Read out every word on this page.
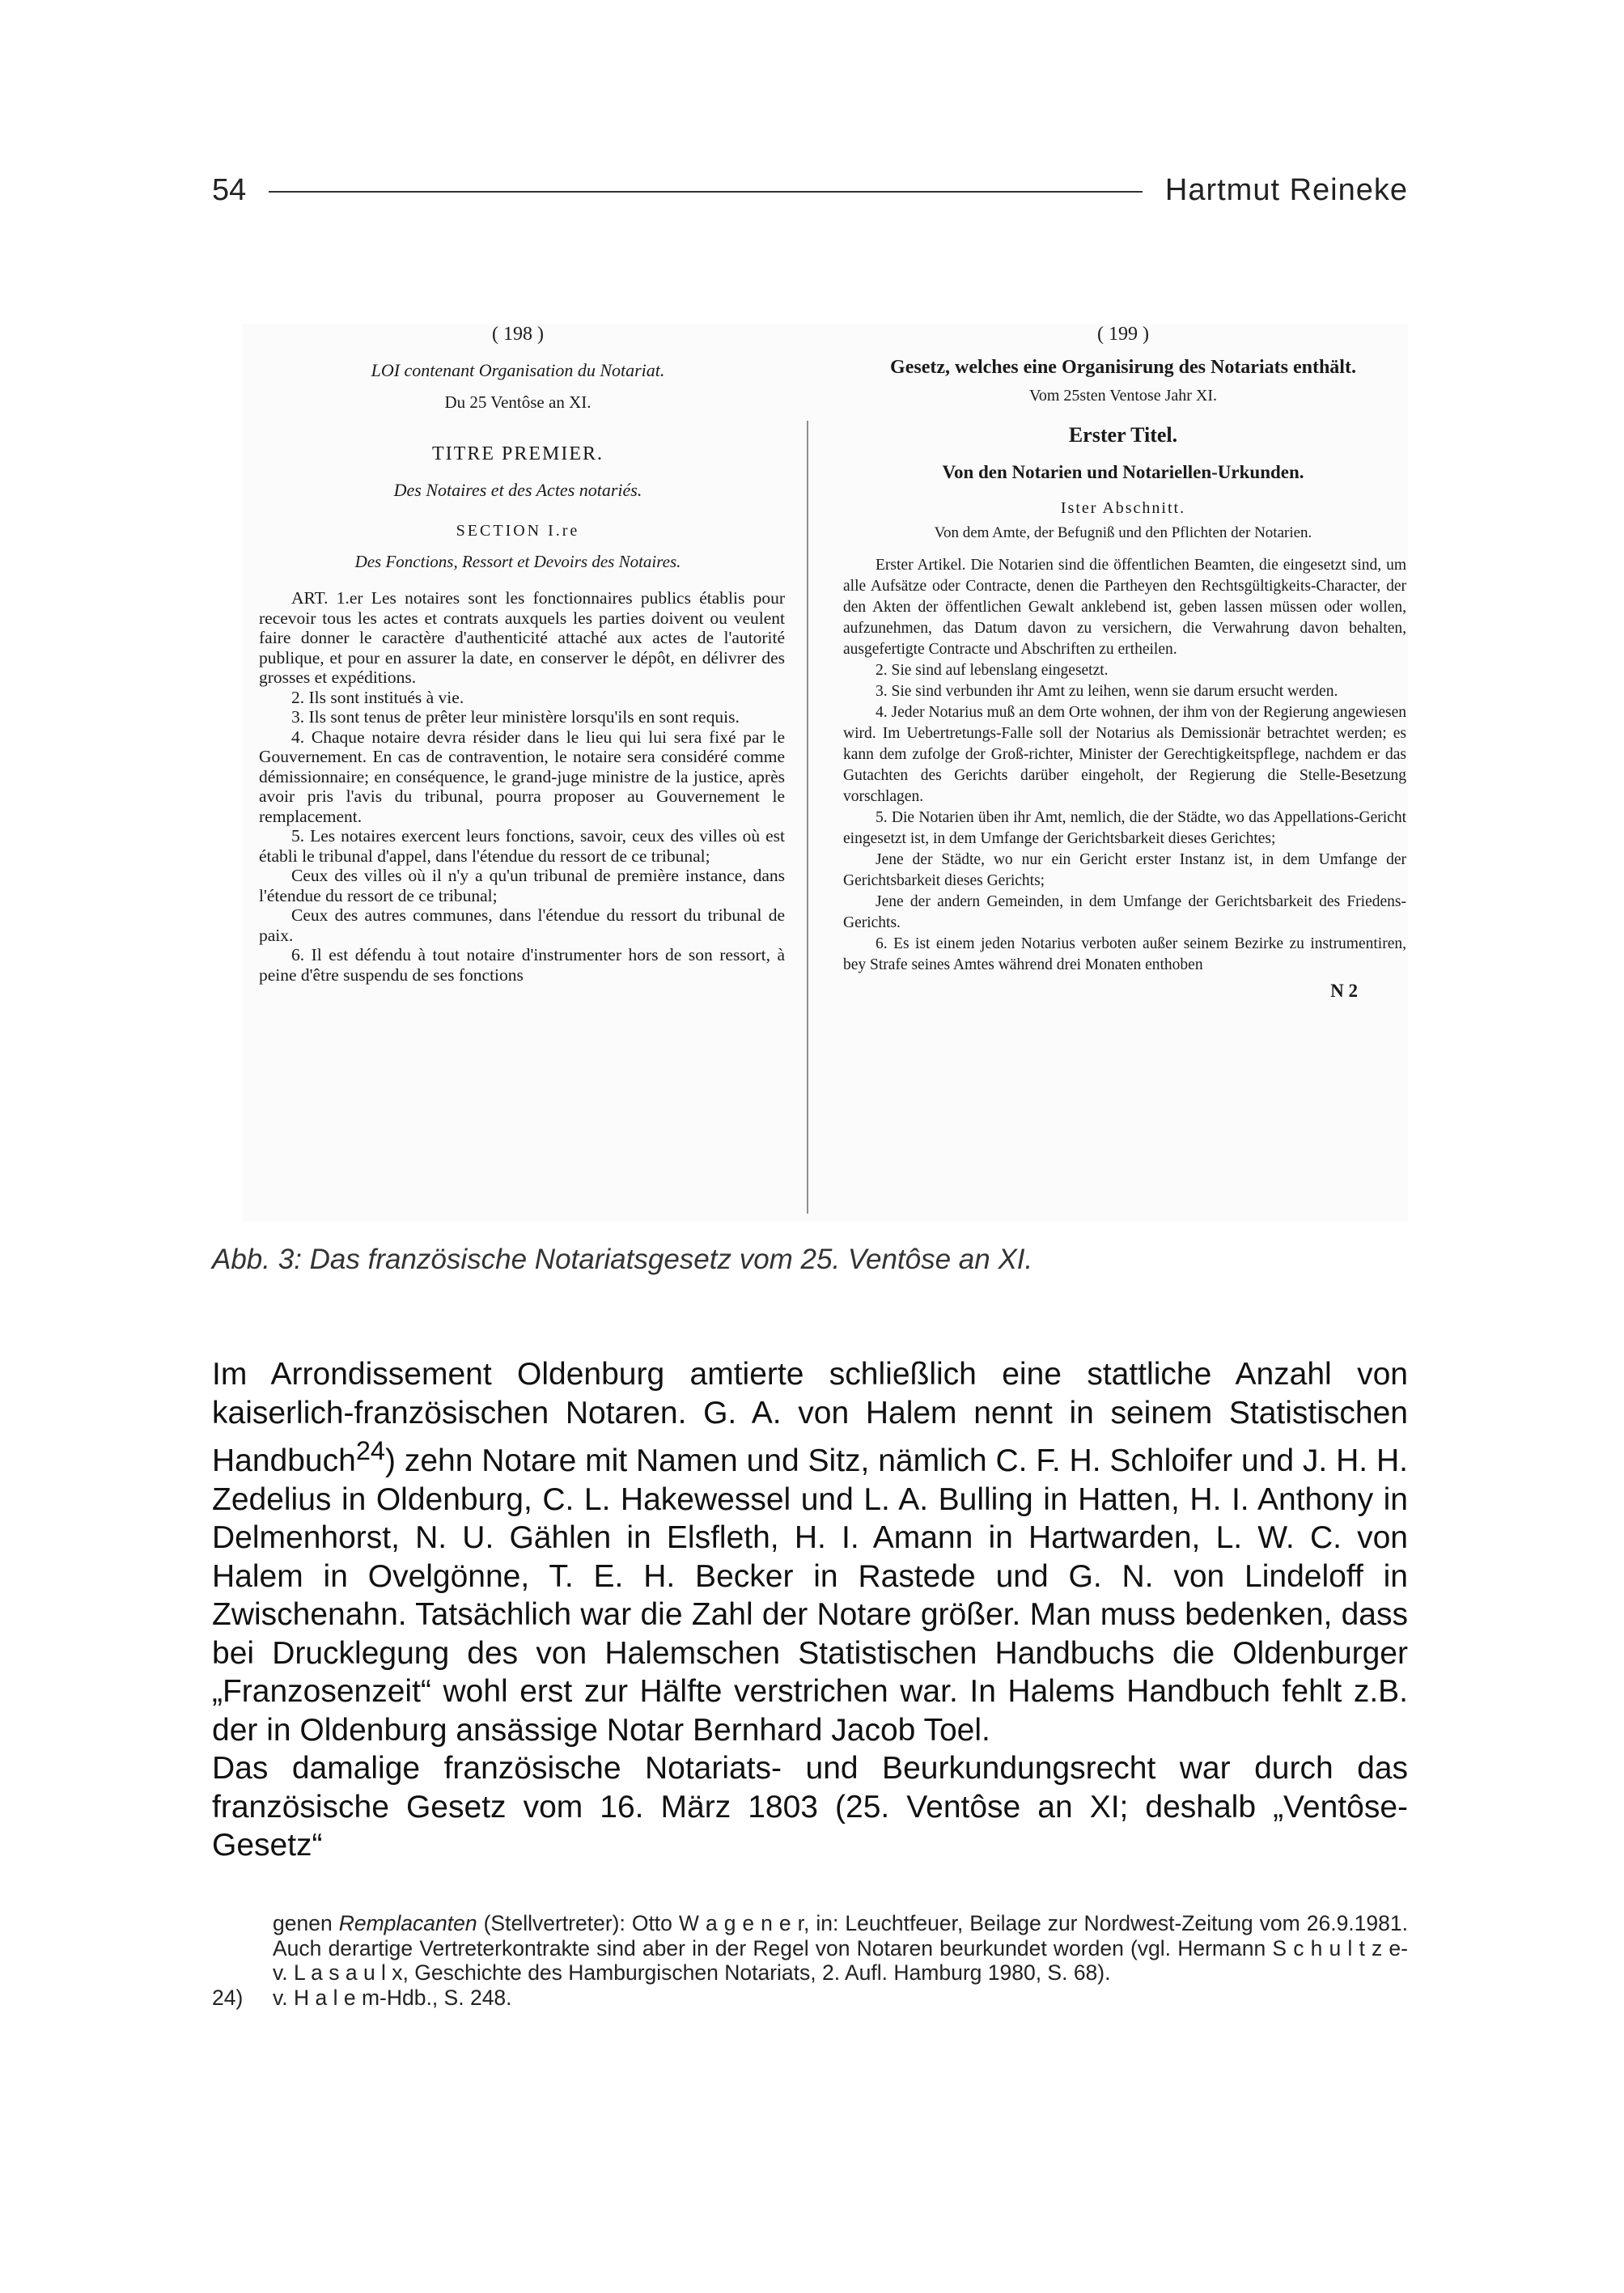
54	Hartmut Reineke
( 198 )
LOI contenant Organisation du Notariat.
Du 25 Ventôse an XI.
TITRE PREMIER.
Des Notaires et des Actes notariés.
SECTION I.re
Des Fonctions, Ressort et Devoirs des Notaires.

ART. 1.er Les notaires sont les fonctionnaires publics établis pour recevoir tous les actes et contrats auxquels les parties doivent ou veulent faire donner le caractère d'authenticité attaché aux actes de l'autorité publique, et pour en assurer la date, en conserver le dépôt, en délivrer des grosses et expéditions.

2. Ils sont institués à vie.

3. Ils sont tenus de prêter leur ministère lorsqu'ils en sont requis.

4. Chaque notaire devra résider dans le lieu qui lui sera fixé par le Gouvernement. En cas de contravention, le notaire sera considéré comme démissionnaire; en conséquence, le grand-juge ministre de la justice, après avoir pris l'avis du tribunal, pourra proposer au Gouvernement le remplacement.

5. Les notaires exercent leurs fonctions, savoir, ceux des villes où est établi le tribunal d'appel, dans l'étendue du ressort de ce tribunal;

Ceux des villes où il n'y a qu'un tribunal de première instance, dans l'étendue du ressort de ce tribunal;

Ceux des autres communes, dans l'étendue du ressort du tribunal de paix.

6. Il est défendu à tout notaire d'instrumenter hors de son ressort, à peine d'être suspendu de ses fonctions

( 199 )
Gesetz, welches eine Organisirung des Notariats enthält.
Vom 25sten Ventose Jahr XI.
Erster Titel.
Von den Notarien und Notariellen-Urkunden.
Ister Abschnitt.
Von dem Amte, der Befugniß und den Pflichten der Notarien.

Erster Artikel. Die Notarien sind die öffentlichen Beamten, die eingesetzt sind, um alle Aufsätze oder Contracte, denen die Partheyen den Rechtsgültigkeits-Character, der den Akten der öffentlichen Gewalt anklebend ist, geben lassen müssen oder wollen, aufzunehmen, das Datum davon zu versichern, die Verwahrung davon behalten, ausgefertigte Contracte und Abschriften zu ertheilen.

2. Sie sind auf lebenslang eingesetzt.

3. Sie sind verbunden ihr Amt zu leihen, wenn sie darum ersucht werden.

4. Jeder Notarius muß an dem Orte wohnen, der ihm von der Regierung angewiesen wird. Im Uebertretungs-Falle soll der Notarius als Demissionär betrachtet werden; es kann dem zufolge der Groß-richter, Minister der Gerechtigkeitspflege, nachdem er das Gutachten des Gerichts darüber eingeholt, der Regierung die Stelle-Besetzung vorschlagen.

5. Die Notarien üben ihr Amt, nemlich, die der Städte, wo das Appellations-Gericht eingesetzt ist, in dem Umfange der Gerichtsbarkeit dieses Gerichtes;

Jene der Städte, wo nur ein Gericht erster Instanz ist, in dem Umfange der Gerichtsbarkeit dieses Gerichts;

Jene der andern Gemeinden, in dem Umfange der Gerichtsbarkeit des Friedens-Gerichts.

6. Es ist einem jeden Notarius verboten außer seinem Bezirke zu instrumentiren, bey Strafe seines Amtes während drei Monaten enthoben

N 2
Abb. 3: Das französische Notariatsgesetz vom 25. Ventôse an XI.

Im Arrondissement Oldenburg amtierte schließlich eine stattliche Anzahl von kaiserlich-französischen Notaren. G. A. von Halem nennt in seinem Statistischen Handbuch$^{24}$) zehn Notare mit Namen und Sitz, nämlich C. F. H. Schloifer und J. H. H. Zedelius in Oldenburg, C. L. Hakewessel und L. A. Bulling in Hatten, H. I. Anthony in Delmenhorst, N. U. Gählen in Elsfleth, H. I. Amann in Hartwarden, L. W. C. von Halem in Ovelgönne, T. E. H. Becker in Rastede und G. N. von Lindeloff in Zwischenahn. Tatsächlich war die Zahl der Notare größer. Man muss bedenken, dass bei Drucklegung des von Halemschen Statistischen Handbuchs die Oldenburger „Franzosenzeit“ wohl erst zur Hälfte verstrichen war. In Halems Handbuch fehlt z.B. der in Oldenburg ansässige Notar Bernhard Jacob Toel.

Das damalige französische Notariats- und Beurkundungsrecht war durch das französische Gesetz vom 16. März 1803 (25. Ventôse an XI; deshalb „Ventôse-Gesetz“

genen Remplacanten (Stellvertreter): Otto W a g e n e r, in: Leuchtfeuer, Beilage zur Nordwest-Zeitung vom 26.9.1981. Auch derartige Vertreterkontrakte sind aber in der Regel von Notaren beurkundet worden (vgl. Hermann S c h u l t z e-v. L a s a u l x, Geschichte des Hamburgischen Notariats, 2. Aufl. Hamburg 1980, S. 68).
24)	v. H a l e m-Hdb., S. 248.
